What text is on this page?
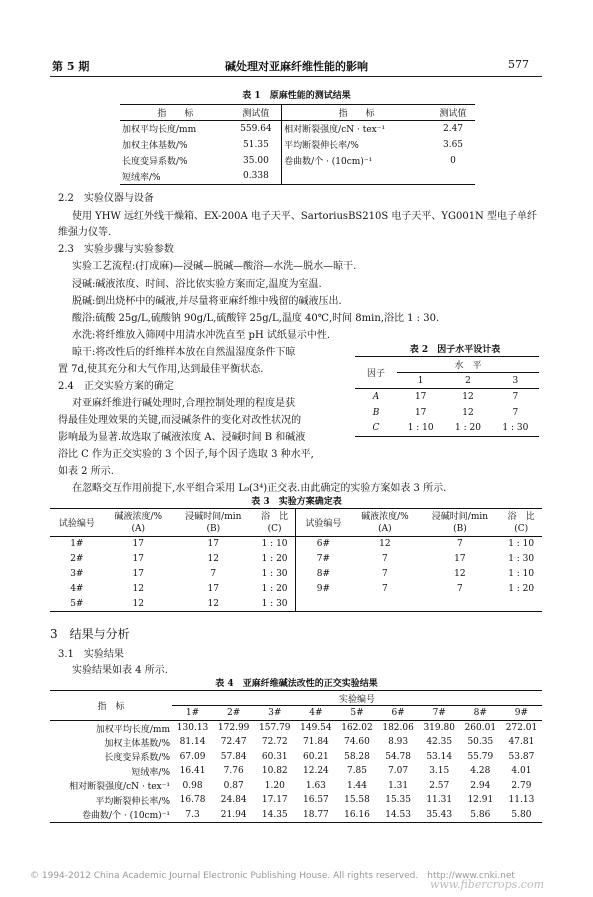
第 5 期	碱处理对亚麻纤维性能的影响	577
表 1　原麻性能的测试结果
指　　标	测试值	指　　标	测试值
加权平均长度/mm	559.64	相对断裂强度/cN · tex⁻¹	2.47
加权主体基数/%	51.35	平均断裂伸长率/%	3.65
长度变异系数/%	35.00	卷曲数/个 · (10cm)⁻¹	0
短绒率/%	0.338		
2.2　实验仪器与设备
使用 YHW 远红外线干燥箱、EX-200A 电子天平、SartoriusBS210S 电子天平、YG001N 型电子单纤
维强力仪等.
2.3　实验步骤与实验参数
实验工艺流程:(打成麻)—浸碱—脱碱—酸浴—水洗—脱水—晾干.
浸碱:碱液浓度、时间、浴比依实验方案而定,温度为室温.
脱碱:倒出烧杯中的碱液,并尽量将亚麻纤维中残留的碱液压出.
酸浴:硫酸 25g/L,硫酸钠 90g/L,硫酸锌 25g/L,温度 40℃,时间 8min,浴比 1 : 30.
水洗:将纤维放入筛网中用清水冲洗直至 pH 试纸显示中性.
晾干:将改性后的纤维样本放在自然温湿度条件下晾
置 7d,使其充分和大气作用,达到最佳平衡状态.
表 2　因子水平设计表
因子	水　平		
	1	2	3
A	17	12	7
B	17	12	7
C	1 : 10	1 : 20	1 : 30
2.4　正交实验方案的确定
对亚麻纤维进行碱处理时,合理控制处理的程度是获
得最佳处理效果的关键,而浸碱条件的变化对改性状况的
影响最为显著.故选取了碱液浓度 A、浸碱时间 B 和碱液
浴比 C 作为正交实验的 3 个因子,每个因子选取 3 种水平,
如表 2 所示.
在忽略交互作用前提下,水平组合采用 L₉(3⁴)正交表.由此确定的实验方案如表 3 所示.
表 3　实验方案确定表
试验编号	碱液浓度/%	浸碱时间/min	浴　比	试验编号	碱液浓度/%	浸碱时间/min	浴　比
	(A)	(B)	(C)		(A)	(B)	(C)
1#	17	17	1 : 10	6#	12	7	1 : 10
2#	17	12	1 : 20	7#	7	17	1 : 30
3#	17	7	1 : 30	8#	7	12	1 : 10
4#	12	17	1 : 20	9#	7	7	1 : 20
5#	12	12	1 : 30				
3　结果与分析
3.1　实验结果
实验结果如表 4 所示.
表 4　亚麻纤维碱法改性的正交实验结果
指　标	实验编号								
	1#	2#	3#	4#	5#	6#	7#	8#	9#
加权平均长度/mm	130.13	172.99	157.79	149.54	162.02	182.06	319.80	260.01	272.01
加权主体基数/%	81.14	72.47	72.72	71.84	74.60	8.93	42.35	50.35	47.81
长度变异系数/%	67.09	57.84	60.31	60.21	58.28	54.78	53.14	55.79	53.87
短绒率/%	16.41	7.76	10.82	12.24	7.85	7.07	3.15	4.28	4.01
相对断裂强度/cN · tex⁻¹	0.98	0.87	1.20	1.63	1.44	1.31	2.57	2.94	2.79
平均断裂伸长率/%	16.78	24.84	17.17	16.57	15.58	15.35	11.31	12.91	11.13
卷曲数/个 · (10cm)⁻¹	7.3	21.94	14.35	18.77	16.16	14.53	35.43	5.86	5.80
© 1994-2012 China Academic Journal Electronic Publishing House. All rights reserved.　http://www.cnki.net
www.fibercrops.com
